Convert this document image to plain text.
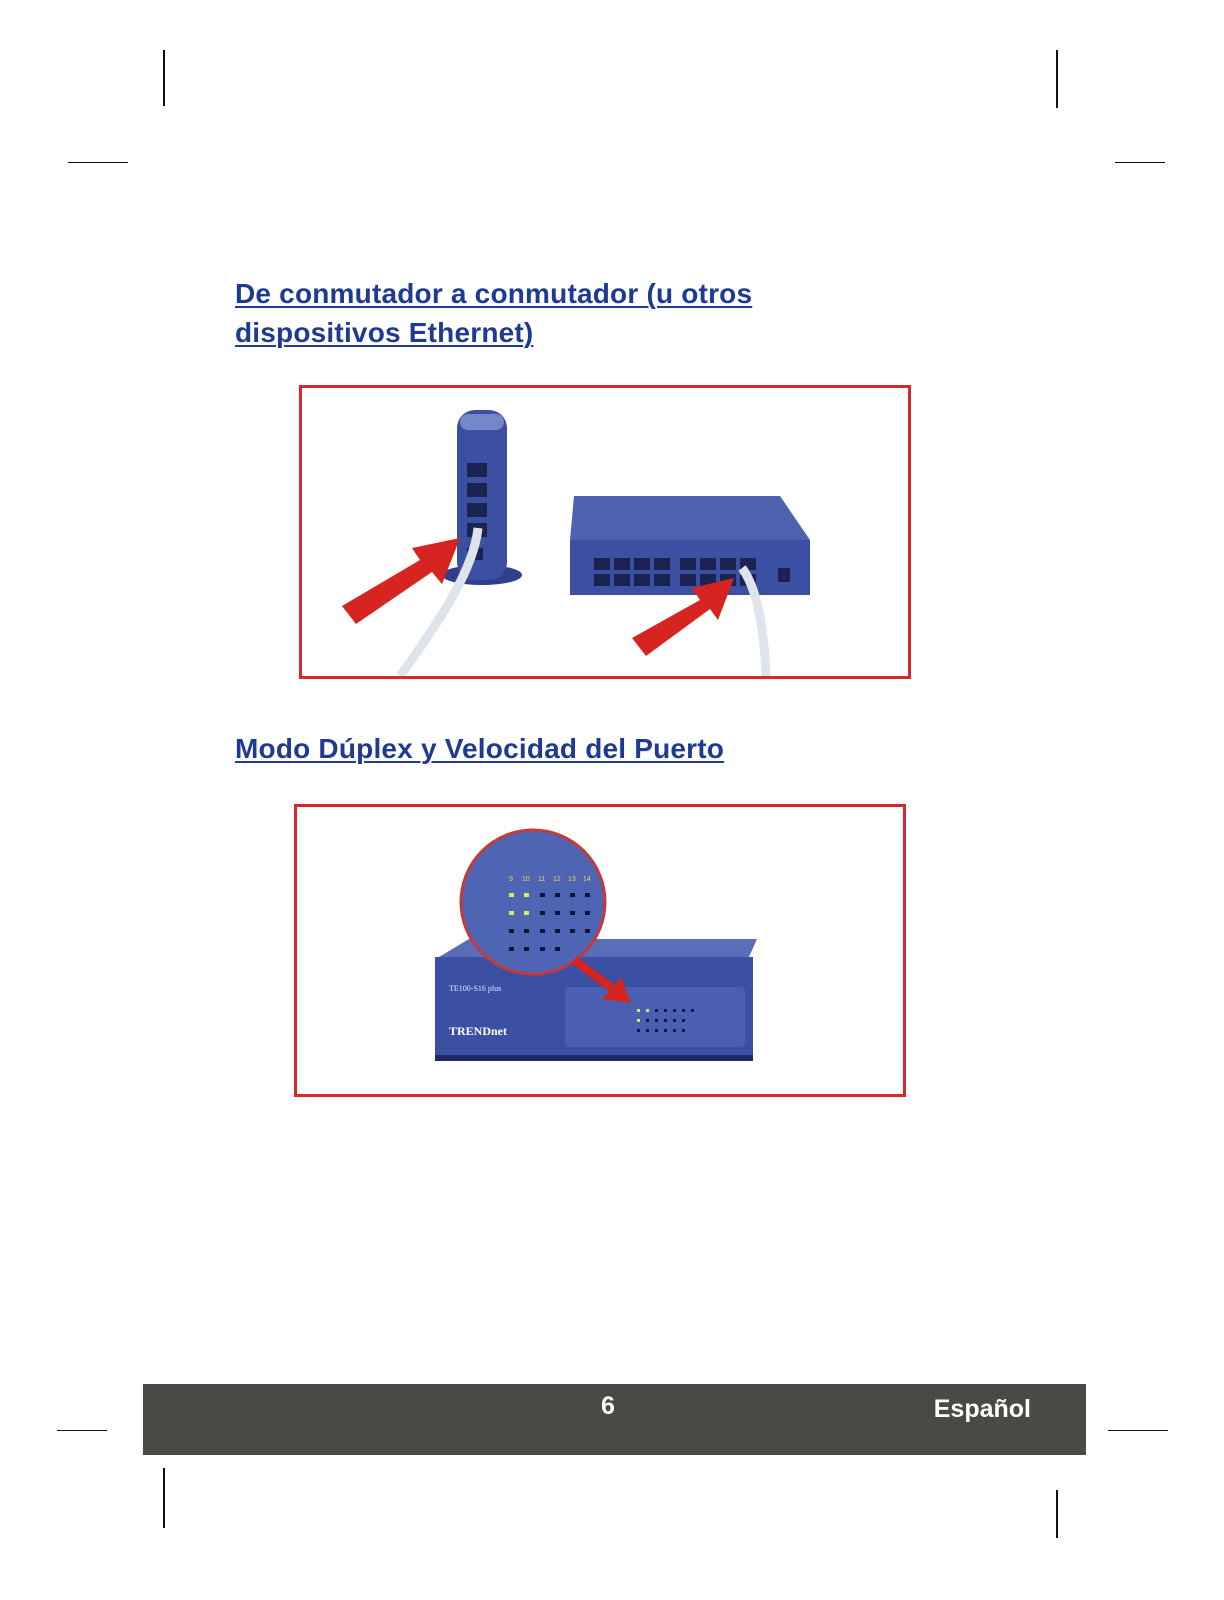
De conmutador a conmutador (u otros dispositivos Ethernet)
Modo Dúplex y Velocidad del Puerto
TE100-S16 plus
TRENDnet
9 10 11 12 13 14
6	Español
